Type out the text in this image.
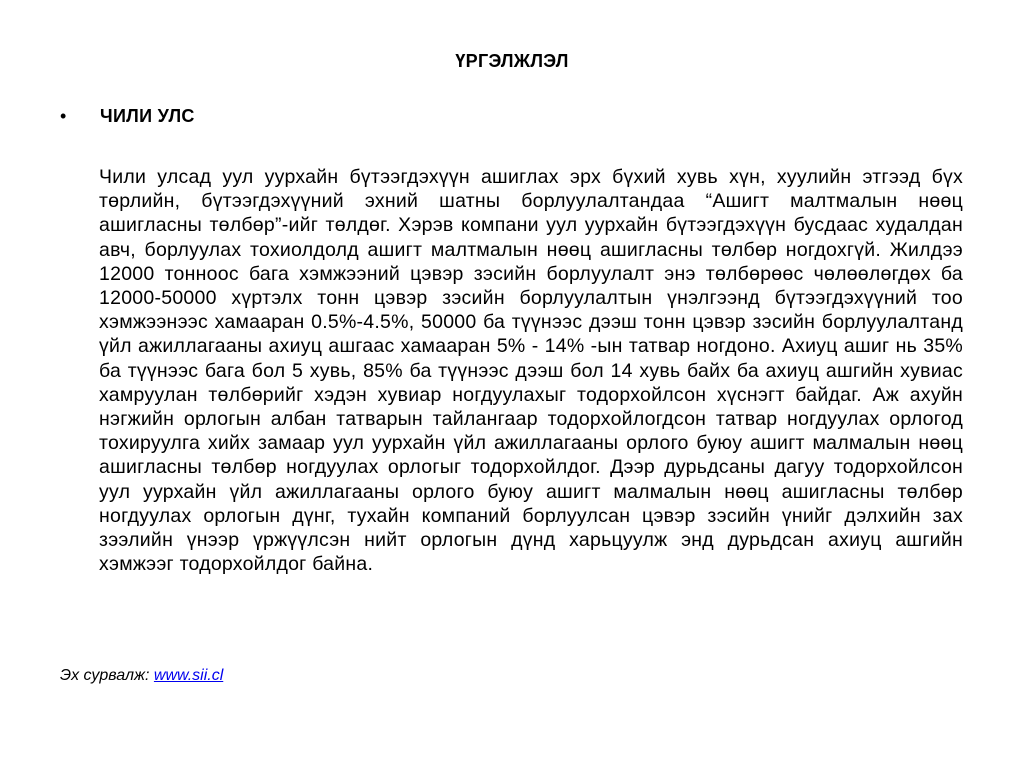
ҮРГЭЛЖЛЭЛ
•	ЧИЛИ УЛС
Чили улсад уул уурхайн бүтээгдэхүүн ашиглах эрх бүхий хувь хүн, хуулийн этгээд бүх төрлийн, бүтээгдэхүүний эхний шатны борлуулалтандаа “Ашигт малтмалын нөөц ашигласны төлбөр”-ийг төлдөг. Хэрэв компани уул уурхайн бүтээгдэхүүн бусдаас худалдан авч, борлуулах тохиолдолд ашигт малтмалын нөөц ашигласны төлбөр ногдохгүй. Жилдээ 12000 тонноос бага хэмжээний цэвэр зэсийн борлуулалт энэ төлбөрөөс чөлөөлөгдөх ба 12000-50000 хүртэлх тонн цэвэр зэсийн борлуулалтын үнэлгээнд бүтээгдэхүүний тоо хэмжээнээс хамааран 0.5%-4.5%, 50000 ба түүнээс дээш тонн цэвэр зэсийн борлуулалтанд үйл ажиллагааны ахиуц ашгаас хамааран 5% - 14% -ын татвар ногдоно. Ахиуц ашиг нь 35% ба түүнээс бага бол 5 хувь, 85% ба түүнээс дээш бол 14 хувь байх ба ахиуц ашгийн хувиас хамруулан төлбөрийг хэдэн хувиар ногдуулахыг тодорхойлсон хүснэгт байдаг. Аж ахуйн нэгжийн орлогын албан татварын тайлангаар тодорхойлогдсон татвар ногдуулах орлогод тохируулга хийх замаар уул уурхайн үйл ажиллагааны орлого буюу ашигт малмалын нөөц ашигласны төлбөр ногдуулах орлогыг тодорхойлдог. Дээр дурьдсаны дагуу тодорхойлсон уул уурхайн үйл ажиллагааны орлого буюу ашигт малмалын нөөц ашигласны төлбөр ногдуулах орлогын дүнг, тухайн компаний борлуулсан цэвэр зэсийн үнийг дэлхийн зах зээлийн үнээр үржүүлсэн нийт орлогын дүнд харьцуулж энд дурьдсан ахиуц ашгийн хэмжээг тодорхойлдог байна.
Эх сурвалж: www.sii.cl
